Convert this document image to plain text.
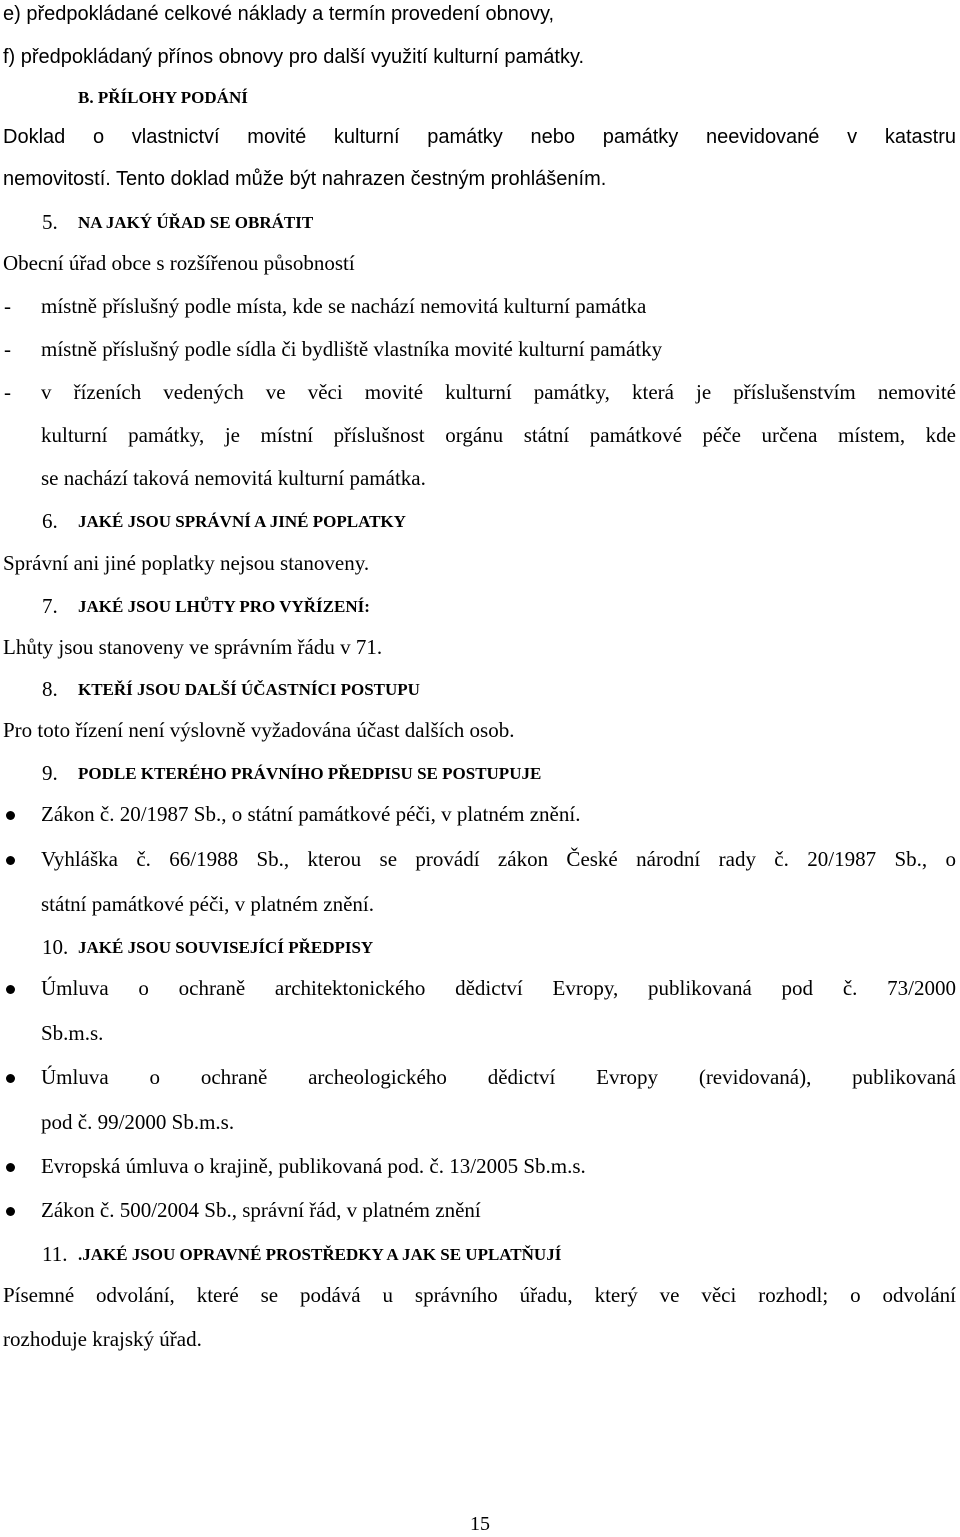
e) předpokládané celkové náklady a termín provedení obnovy,
f) předpokládaný přínos obnovy pro další využití kulturní památky.
B. PŘÍLOHY PODÁNÍ
Doklad o vlastnictví movité kulturní památky nebo památky neevidované v katastru
nemovitostí. Tento doklad může být nahrazen čestným prohlášením.
5. NA JAKÝ ÚŘAD SE OBRÁTIT
Obecní úřad obce s rozšířenou působností
- místně příslušný podle místa, kde se nachází nemovitá kulturní památka
- místně příslušný podle sídla či bydliště vlastníka movité kulturní památky
- v řízeních vedených ve věci movité kulturní památky, která je příslušenstvím nemovité
kulturní památky, je místní příslušnost orgánu státní památkové péče určena místem, kde
se nachází taková nemovitá kulturní památka.
6. JAKÉ JSOU SPRÁVNÍ A JINÉ POPLATKY
Správní ani jiné poplatky nejsou stanoveny.
7. JAKÉ JSOU LHŮTY PRO VYŘÍZENÍ:
Lhůty jsou stanoveny ve správním řádu v 71.
8. KTEŘÍ JSOU DALŠÍ ÚČASTNÍCI POSTUPU
Pro toto řízení není výslovně vyžadována účast dalších osob.
9. PODLE KTERÉHO PRÁVNÍHO PŘEDPISU SE POSTUPUJE
Zákon č. 20/1987 Sb., o státní památkové péči, v platném znění.
Vyhláška č. 66/1988 Sb., kterou se provádí zákon České národní rady č. 20/1987 Sb., o
státní památkové péči, v platném znění.
10. JAKÉ JSOU SOUVISEJÍCÍ PŘEDPISY
Úmluva o ochraně architektonického dědictví Evropy, publikovaná pod č. 73/2000
Sb.m.s.
Úmluva o ochraně archeologického dědictví Evropy (revidovaná), publikovaná
pod č. 99/2000 Sb.m.s.
Evropská úmluva o krajině, publikovaná pod. č. 13/2005 Sb.m.s.
Zákon č. 500/2004 Sb., správní řád, v platném znění
11. .JAKÉ JSOU OPRAVNÉ PROSTŘEDKY A JAK SE UPLATŇUJÍ
Písemné odvolání, které se podává u správního úřadu, který ve věci rozhodl; o odvolání
rozhoduje krajský úřad.
15
